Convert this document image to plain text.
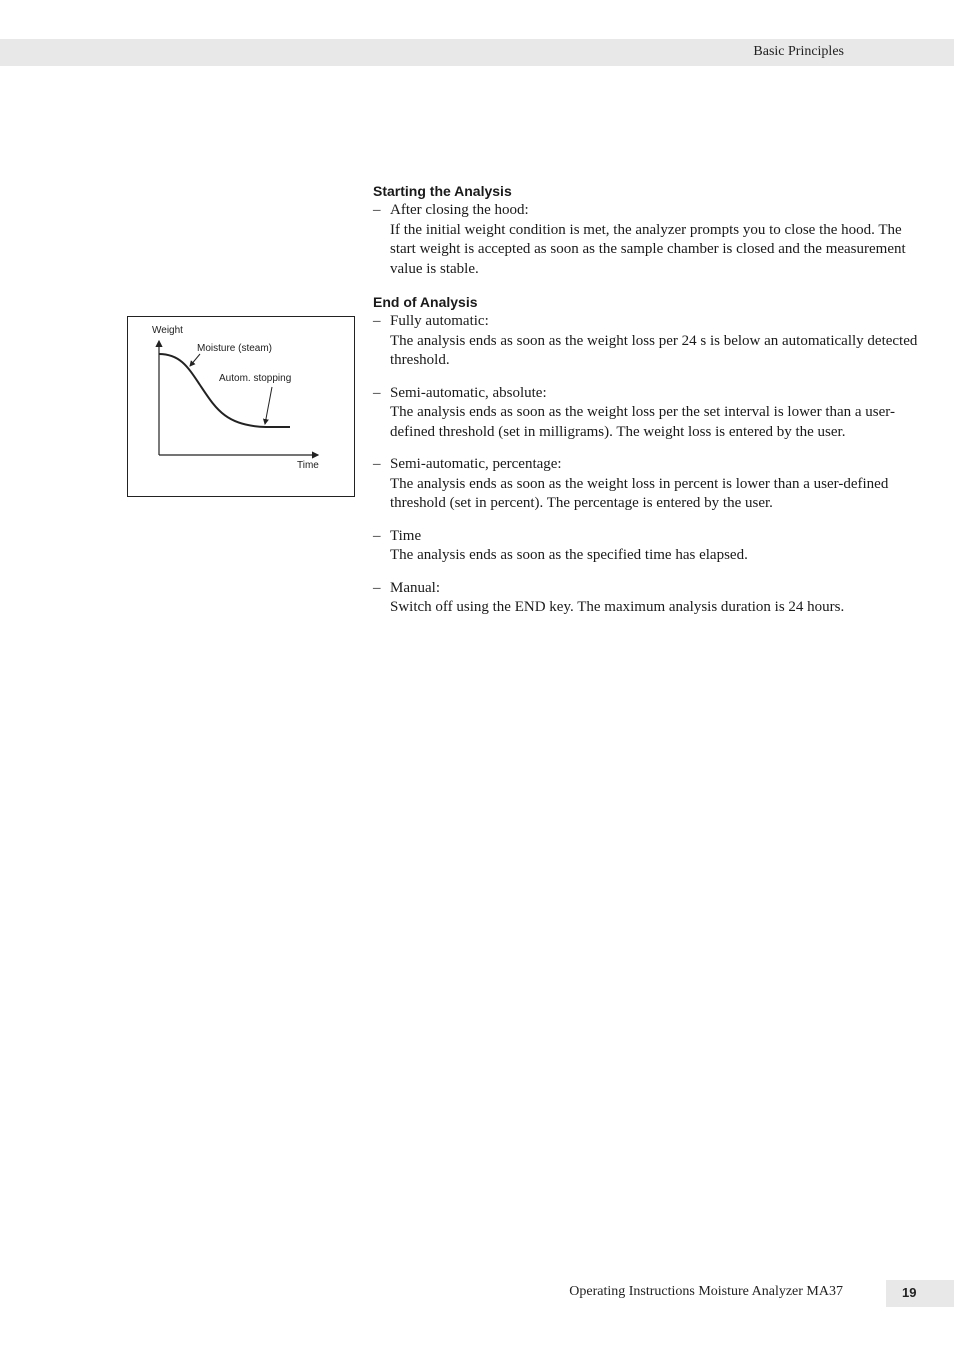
Basic Principles
Weight
Moisture (steam)
Autom. stopping
Time

Starting the Analysis

– After closing the hood:
If the initial weight condition is met, the analyzer prompts you to close the hood. The start weight is accepted as soon as the sample chamber is closed and the measurement value is stable.

End of Analysis

– Fully automatic:
The analysis ends as soon as the weight loss per 24 s is below an automatically detected threshold.
– Semi-automatic, absolute:
The analysis ends as soon as the weight loss per the set interval is lower than a user-defined threshold (set in milligrams). The weight loss is entered by the user.
– Semi-automatic, percentage:
The analysis ends as soon as the weight loss in percent is lower than a user-defined threshold (set in percent). The percentage is entered by the user.
– Time
The analysis ends as soon as the specified time has elapsed.
– Manual:
Switch off using the END key. The maximum analysis duration is 24 hours.
Operating Instructions Moisture Analyzer MA37	19
